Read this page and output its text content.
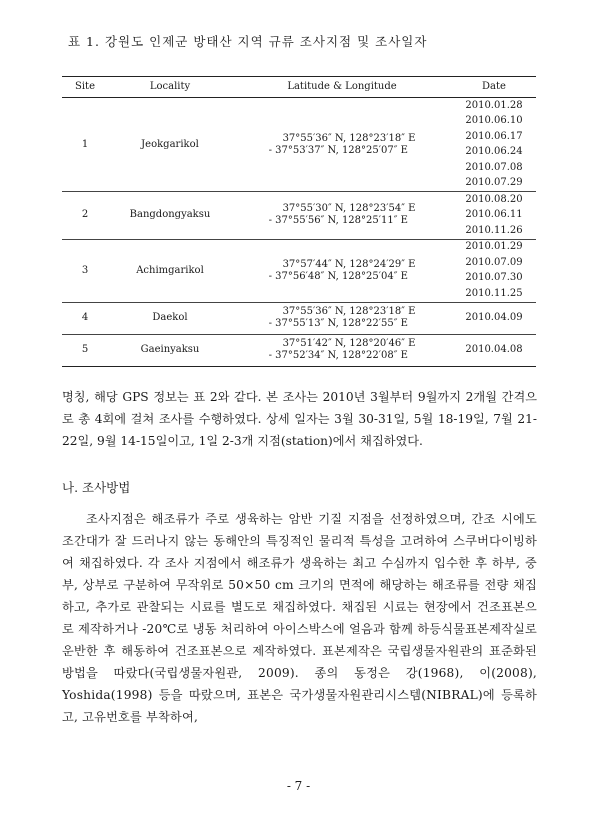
표 1. 강원도 인제군 방태산 지역 규류 조사지점 및 조사일자
Site	Locality	Latitude & Longitude	Date
1	Jeokgarikol	37°55′36″ N, 128°23′18″ E
- 37°53′37″ N, 128°25′07″ E	2010.01.28
			2010.06.10
			2010.06.17
			2010.06.24
			2010.07.08
			2010.07.29
2	Bangdongyaksu	37°55′30″ N, 128°23′54″ E
- 37°55′56″ N, 128°25′11″ E	2010.08.20
			2010.06.11
			2010.11.26
3	Achimgarikol	37°57′44″ N, 128°24′29″ E
- 37°56′48″ N, 128°25′04″ E	2010.01.29
			2010.07.09
			2010.07.30
			2010.11.25
4	Daekol	37°55′36″ N, 128°23′18″ E
- 37°55′13″ N, 128°22′55″ E	2010.04.09
5	Gaeinyaksu	37°51′42″ N, 128°20′46″ E
- 37°52′34″ N, 128°22′08″ E	2010.04.08

명칭, 해당 GPS 정보는 표 2와 같다. 본 조사는 2010년 3월부터 9월까지 2개월 간격으로 총 4회에 걸쳐 조사를 수행하였다. 상세 일자는 3월 30-31일, 5월 18-19일, 7월 21-22일, 9월 14-15일이고, 1일 2-3개 지점(station)에서 채집하였다.

나. 조사방법

조사지점은 해조류가 주로 생육하는 암반 기질 지점을 선정하였으며, 간조 시에도 조간대가 잘 드러나지 않는 동해안의 특징적인 물리적 특성을 고려하여 스쿠버다이빙하여 채집하였다. 각 조사 지점에서 해조류가 생육하는 최고 수심까지 입수한 후 하부, 중부, 상부로 구분하여 무작위로 50×50 cm 크기의 면적에 해당하는 해조류를 전량 채집하고, 추가로 관찰되는 시료를 별도로 채집하였다. 채집된 시료는 현장에서 건조표본으로 제작하거나 -20℃로 냉동 처리하여 아이스박스에 얼음과 함께 하등식물표본제작실로 운반한 후 해동하여 건조표본으로 제작하였다. 표본제작은 국립생물자원관의 표준화된 방법을 따랐다(국립생물자원관, 2009). 종의 동정은 강(1968), 이(2008), Yoshida(1998) 등을 따랐으며, 표본은 국가생물자원관리시스템(NIBRAL)에 등록하고, 고유번호를 부착하여,

- 7 -
